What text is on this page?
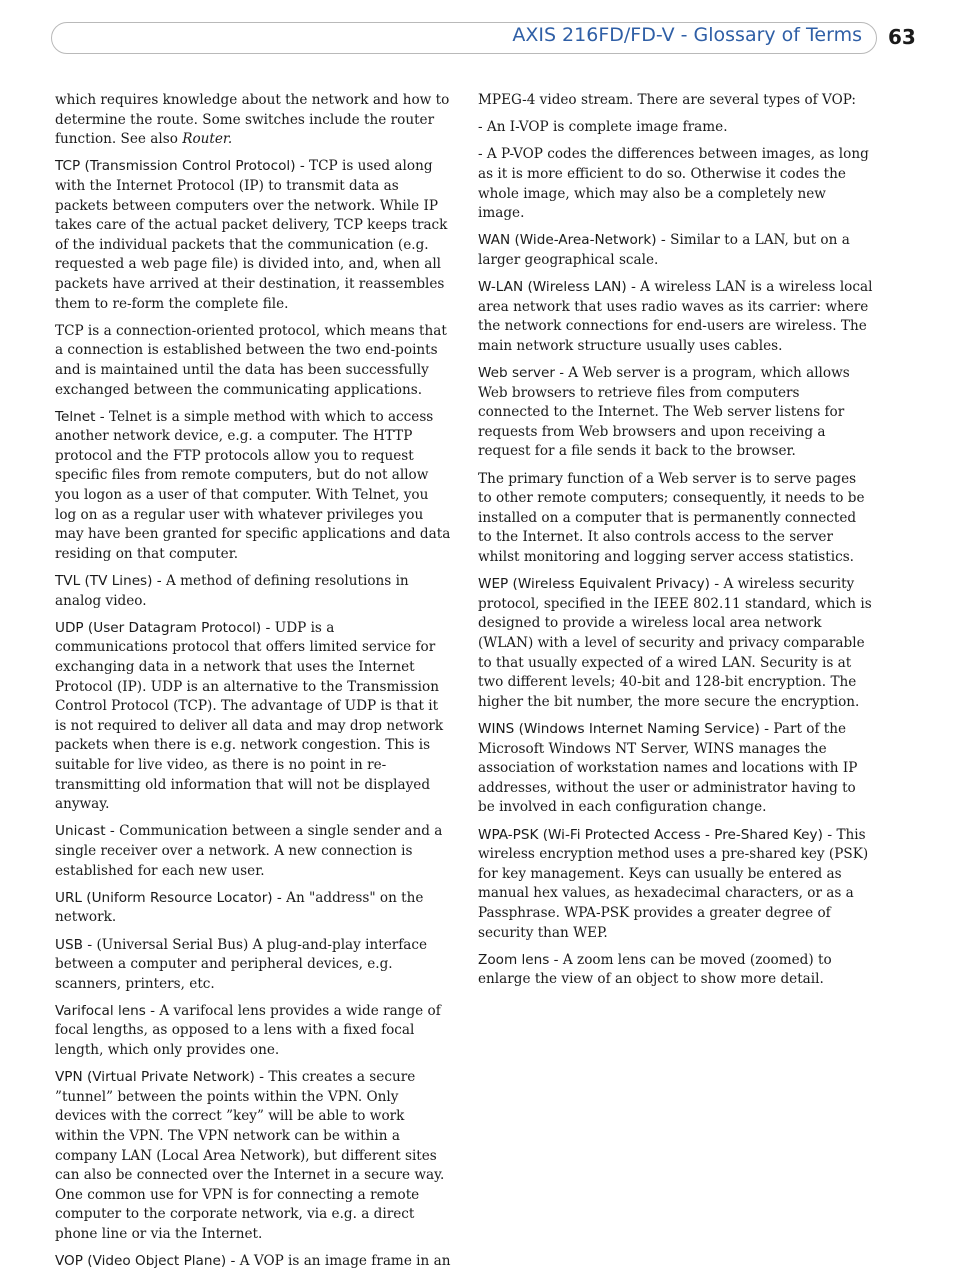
AXIS 216FD/FD-V - Glossary of Terms 63

which requires knowledge about the network and how to determine the route. Some switches include the router function. See also Router.

TCP (Transmission Control Protocol) - TCP is used along with the Internet Protocol (IP) to transmit data as packets between computers over the network. While IP takes care of the actual packet delivery, TCP keeps track of the individual packets that the communication (e.g. requested a web page file) is divided into, and, when all packets have arrived at their destination, it reassembles them to re-form the complete file.

TCP is a connection-oriented protocol, which means that a connection is established between the two end-points and is maintained until the data has been successfully exchanged between the communicating applications.

Telnet - Telnet is a simple method with which to access another network device, e.g. a computer. The HTTP protocol and the FTP protocols allow you to request specific files from remote computers, but do not allow you logon as a user of that computer. With Telnet, you log on as a regular user with whatever privileges you may have been granted for specific applications and data residing on that computer.

TVL (TV Lines) - A method of defining resolutions in analog video.

UDP (User Datagram Protocol) - UDP is a communications protocol that offers limited service for exchanging data in a network that uses the Internet Protocol (IP). UDP is an alternative to the Transmission Control Protocol (TCP). The advantage of UDP is that it is not required to deliver all data and may drop network packets when there is e.g. network congestion. This is suitable for live video, as there is no point in re-transmitting old information that will not be displayed anyway.

Unicast - Communication between a single sender and a single receiver over a network. A new connection is established for each new user.

URL (Uniform Resource Locator) - An "address" on the network.

USB - (Universal Serial Bus) A plug-and-play interface between a computer and peripheral devices, e.g. scanners, printers, etc.

Varifocal lens - A varifocal lens provides a wide range of focal lengths, as opposed to a lens with a fixed focal length, which only provides one.

VPN (Virtual Private Network) - This creates a secure ”tunnel” between the points within the VPN. Only devices with the correct ”key” will be able to work within the VPN. The VPN network can be within a company LAN (Local Area Network), but different sites can also be connected over the Internet in a secure way. One common use for VPN is for connecting a remote computer to the corporate network, via e.g. a direct phone line or via the Internet.

VOP (Video Object Plane) - A VOP is an image frame in an

MPEG-4 video stream. There are several types of VOP:

- An I-VOP is complete image frame.

- A P-VOP codes the differences between images, as long as it is more efficient to do so. Otherwise it codes the whole image, which may also be a completely new image.

WAN (Wide-Area-Network) - Similar to a LAN, but on a larger geographical scale.

W-LAN (Wireless LAN) - A wireless LAN is a wireless local area network that uses radio waves as its carrier: where the network connections for end-users are wireless. The main network structure usually uses cables.

Web server - A Web server is a program, which allows Web browsers to retrieve files from computers connected to the Internet. The Web server listens for requests from Web browsers and upon receiving a request for a file sends it back to the browser.

The primary function of a Web server is to serve pages to other remote computers; consequently, it needs to be installed on a computer that is permanently connected to the Internet. It also controls access to the server whilst monitoring and logging server access statistics.

WEP (Wireless Equivalent Privacy) - A wireless security protocol, specified in the IEEE 802.11 standard, which is designed to provide a wireless local area network (WLAN) with a level of security and privacy comparable to that usually expected of a wired LAN. Security is at two different levels; 40-bit and 128-bit encryption. The higher the bit number, the more secure the encryption.

WINS (Windows Internet Naming Service) - Part of the Microsoft Windows NT Server, WINS manages the association of workstation names and locations with IP addresses, without the user or administrator having to be involved in each configuration change.

WPA-PSK (Wi-Fi Protected Access - Pre-Shared Key) - This wireless encryption method uses a pre-shared key (PSK) for key management. Keys can usually be entered as manual hex values, as hexadecimal characters, or as a Passphrase. WPA-PSK provides a greater degree of security than WEP.

Zoom lens - A zoom lens can be moved (zoomed) to enlarge the view of an object to show more detail.
